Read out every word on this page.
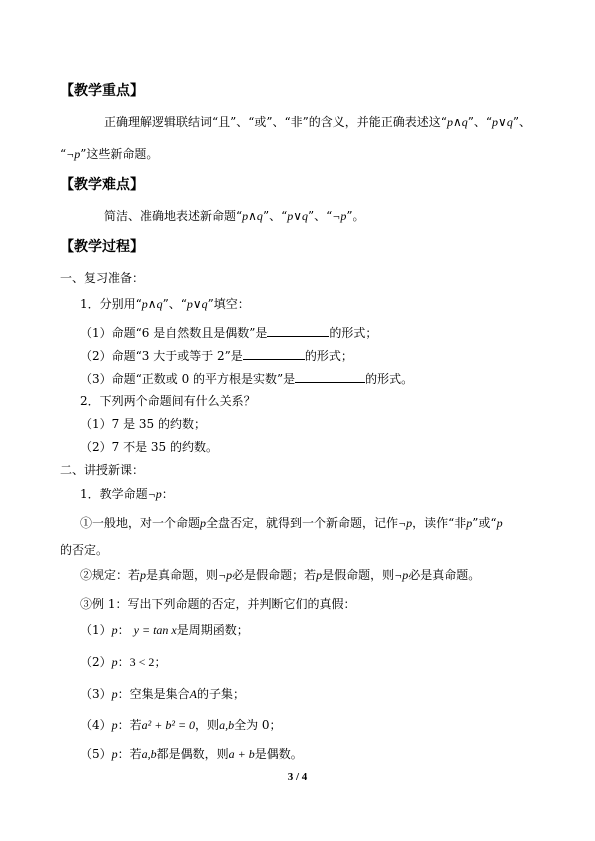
【教学重点】
正确理解逻辑联结词“且”、“或”、“非”的含义，并能正确表述这“p∧q”、“p∨q”、
“¬p”这些新命题。
【教学难点】
简洁、准确地表述新命题“p∧q”、“p∨q”、“¬p”。
【教学过程】
一、复习准备：
1．分别用“p∧q”、“p∨q”填空：
（1）命题“6 是自然数且是偶数”是	的形式；
（2）命题“3 大于或等于 2”是	的形式；
（3）命题“正数或 0 的平方根是实数”是	的形式。
2．下列两个命题间有什么关系？
（1）7 是 35 的约数；
（2）7 不是 35 的约数。
二、讲授新课：
1．教学命题¬p：
①一般地，对一个命题p全盘否定，就得到一个新命题，记作¬p，读作“非p”或“p
的否定。
②规定：若p是真命题，则¬p必是假命题；若p是假命题，则¬p必是真命题。
③例 1：写出下列命题的否定，并判断它们的真假：
（1）p： y = tan x是周期函数；
（2）p：3 < 2；
（3）p：空集是集合A的子集；
（4）p：若a² + b² = 0，则a,b全为 0；
（5）p：若a,b都是偶数，则a + b是偶数。
3 / 4
